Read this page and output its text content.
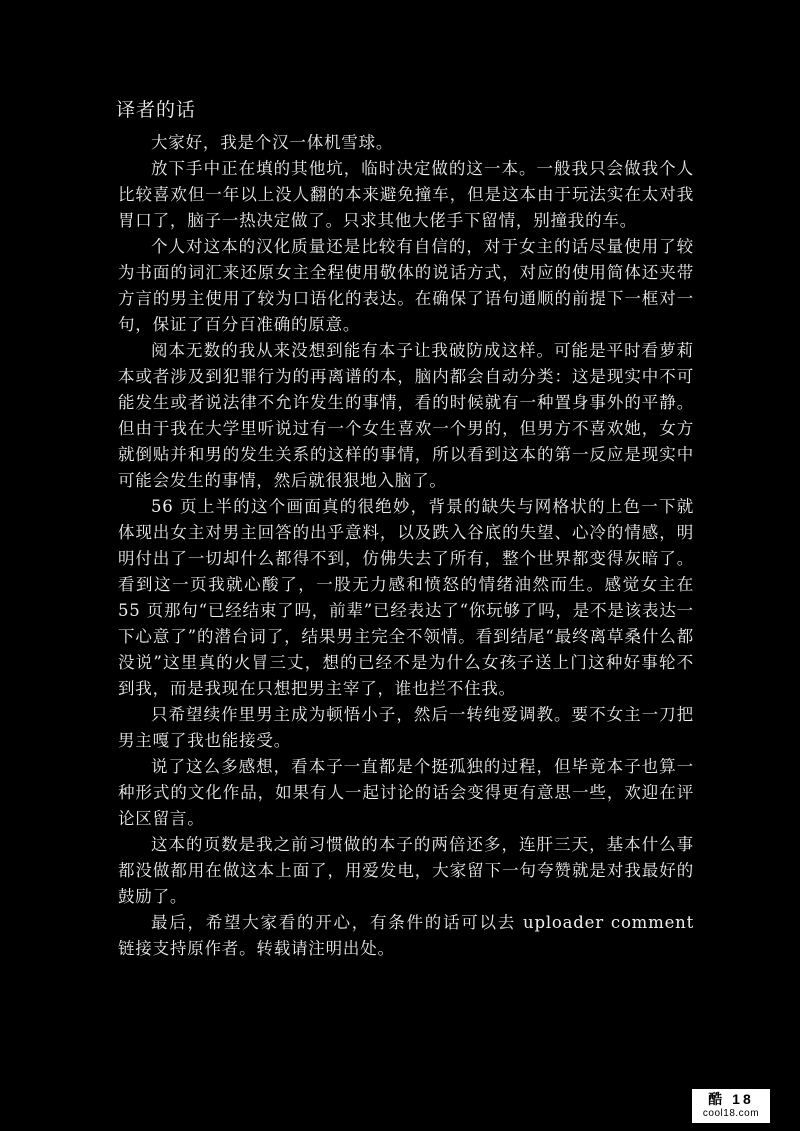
译者的话

大家好，我是个汉一体机雪球。

放下手中正在填的其他坑，临时决定做的这一本。一般我只会做我个人比较喜欢但一年以上没人翻的本来避免撞车，但是这本由于玩法实在太对我胃口了，脑子一热决定做了。只求其他大佬手下留情，别撞我的车。

个人对这本的汉化质量还是比较有自信的，对于女主的话尽量使用了较为书面的词汇来还原女主全程使用敬体的说话方式，对应的使用简体还夹带方言的男主使用了较为口语化的表达。在确保了语句通顺的前提下一框对一句，保证了百分百准确的原意。

阅本无数的我从来没想到能有本子让我破防成这样。可能是平时看萝莉本或者涉及到犯罪行为的再离谱的本，脑内都会自动分类：这是现实中不可能发生或者说法律不允许发生的事情，看的时候就有一种置身事外的平静。但由于我在大学里听说过有一个女生喜欢一个男的，但男方不喜欢她，女方就倒贴并和男的发生关系的这样的事情，所以看到这本的第一反应是现实中可能会发生的事情，然后就很狠地入脑了。

56 页上半的这个画面真的很绝妙，背景的缺失与网格状的上色一下就体现出女主对男主回答的出乎意料，以及跌入谷底的失望、心冷的情感，明明付出了一切却什么都得不到，仿佛失去了所有，整个世界都变得灰暗了。看到这一页我就心酸了，一股无力感和愤怒的情绪油然而生。感觉女主在 55 页那句“已经结束了吗，前辈”已经表达了“你玩够了吗，是不是该表达一下心意了”的潜台词了，结果男主完全不领情。看到结尾“最终离草桑什么都没说”这里真的火冒三丈，想的已经不是为什么女孩子送上门这种好事轮不到我，而是我现在只想把男主宰了，谁也拦不住我。

只希望续作里男主成为顿悟小子，然后一转纯爱调教。要不女主一刀把男主嘎了我也能接受。

说了这么多感想，看本子一直都是个挺孤独的过程，但毕竟本子也算一种形式的文化作品，如果有人一起讨论的话会变得更有意思一些，欢迎在评论区留言。

这本的页数是我之前习惯做的本子的两倍还多，连肝三天，基本什么事都没做都用在做这本上面了，用爱发电，大家留下一句夸赞就是对我最好的鼓励了。

最后，希望大家看的开心，有条件的话可以去 uploader comment 链接支持原作者。转载请注明出处。

酷 18
cool18.com
